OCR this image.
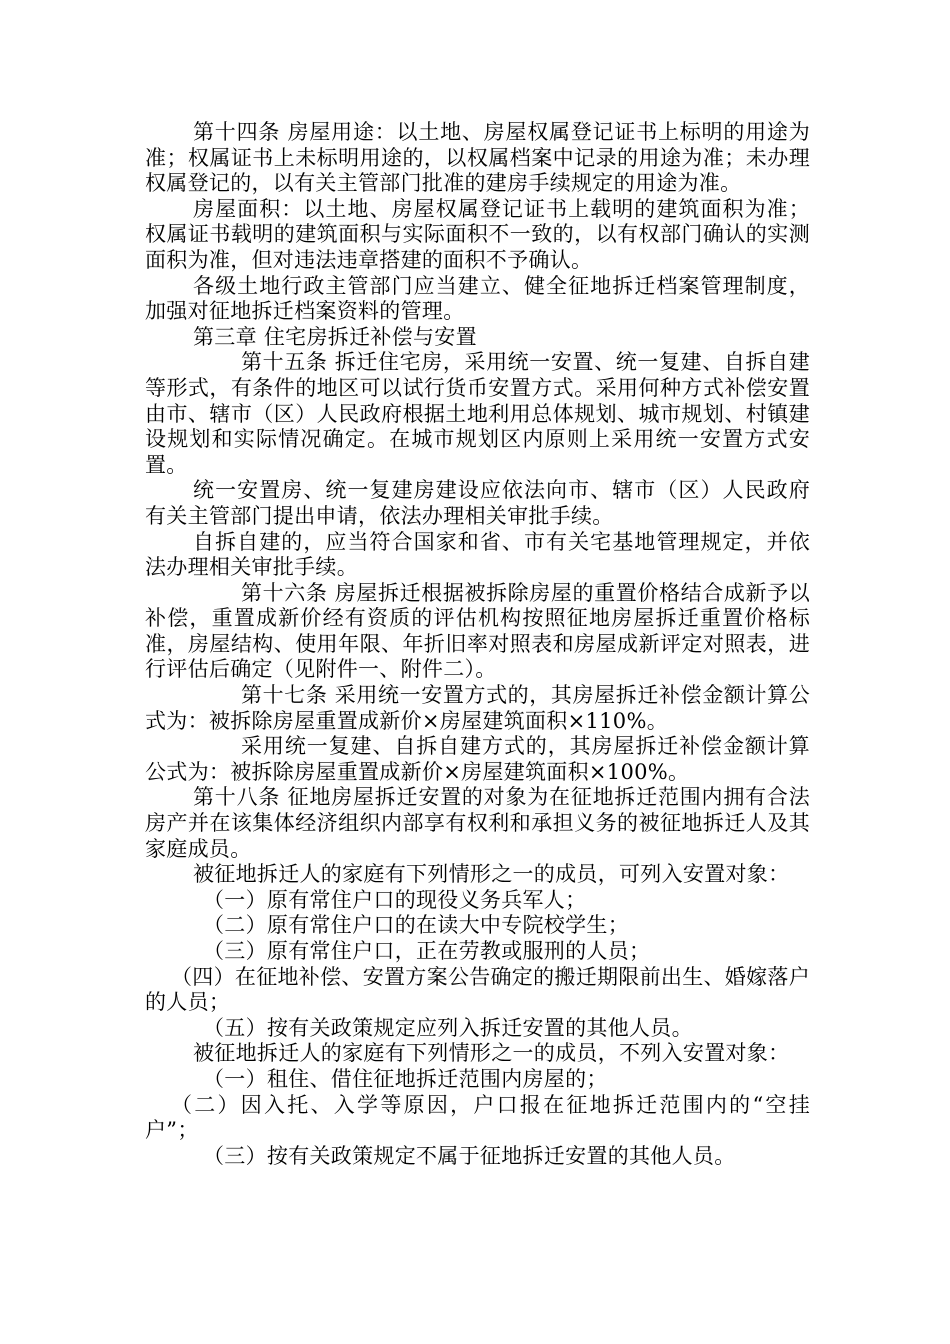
第十四条 房屋用途：以土地、房屋权属登记证书上标明的用途为准；权属证书上未标明用途的，以权属档案中记录的用途为准；未办理权属登记的，以有关主管部门批准的建房手续规定的用途为准。

房屋面积：以土地、房屋权属登记证书上载明的建筑面积为准；权属证书载明的建筑面积与实际面积不一致的，以有权部门确认的实测面积为准，但对违法违章搭建的面积不予确认。

各级土地行政主管部门应当建立、健全征地拆迁档案管理制度，加强对征地拆迁档案资料的管理。

第三章 住宅房拆迁补偿与安置

第十五条 拆迁住宅房，采用统一安置、统一复建、自拆自建等形式，有条件的地区可以试行货币安置方式。采用何种方式补偿安置由市、辖市（区）人民政府根据土地利用总体规划、城市规划、村镇建设规划和实际情况确定。在城市规划区内原则上采用统一安置方式安置。

统一安置房、统一复建房建设应依法向市、辖市（区）人民政府有关主管部门提出申请，依法办理相关审批手续。

自拆自建的，应当符合国家和省、市有关宅基地管理规定，并依法办理相关审批手续。

第十六条 房屋拆迁根据被拆除房屋的重置价格结合成新予以补偿，重置成新价经有资质的评估机构按照征地房屋拆迁重置价格标准，房屋结构、使用年限、年折旧率对照表和房屋成新评定对照表，进行评估后确定（见附件一、附件二）。

第十七条 采用统一安置方式的，其房屋拆迁补偿金额计算公式为：被拆除房屋重置成新价×房屋建筑面积×110%。

采用统一复建、自拆自建方式的，其房屋拆迁补偿金额计算公式为：被拆除房屋重置成新价×房屋建筑面积×100%。

第十八条 征地房屋拆迁安置的对象为在征地拆迁范围内拥有合法房产并在该集体经济组织内部享有权利和承担义务的被征地拆迁人及其家庭成员。

被征地拆迁人的家庭有下列情形之一的成员，可列入安置对象：

（一）原有常住户口的现役义务兵军人；

（二）原有常住户口的在读大中专院校学生；

（三）原有常住户口，正在劳教或服刑的人员；

（四）在征地补偿、安置方案公告确定的搬迁期限前出生、婚嫁落户的人员；

（五）按有关政策规定应列入拆迁安置的其他人员。

被征地拆迁人的家庭有下列情形之一的成员，不列入安置对象：

（一）租住、借住征地拆迁范围内房屋的；

（二）因入托、入学等原因，户口报在征地拆迁范围内的“空挂户”；

（三）按有关政策规定不属于征地拆迁安置的其他人员。
